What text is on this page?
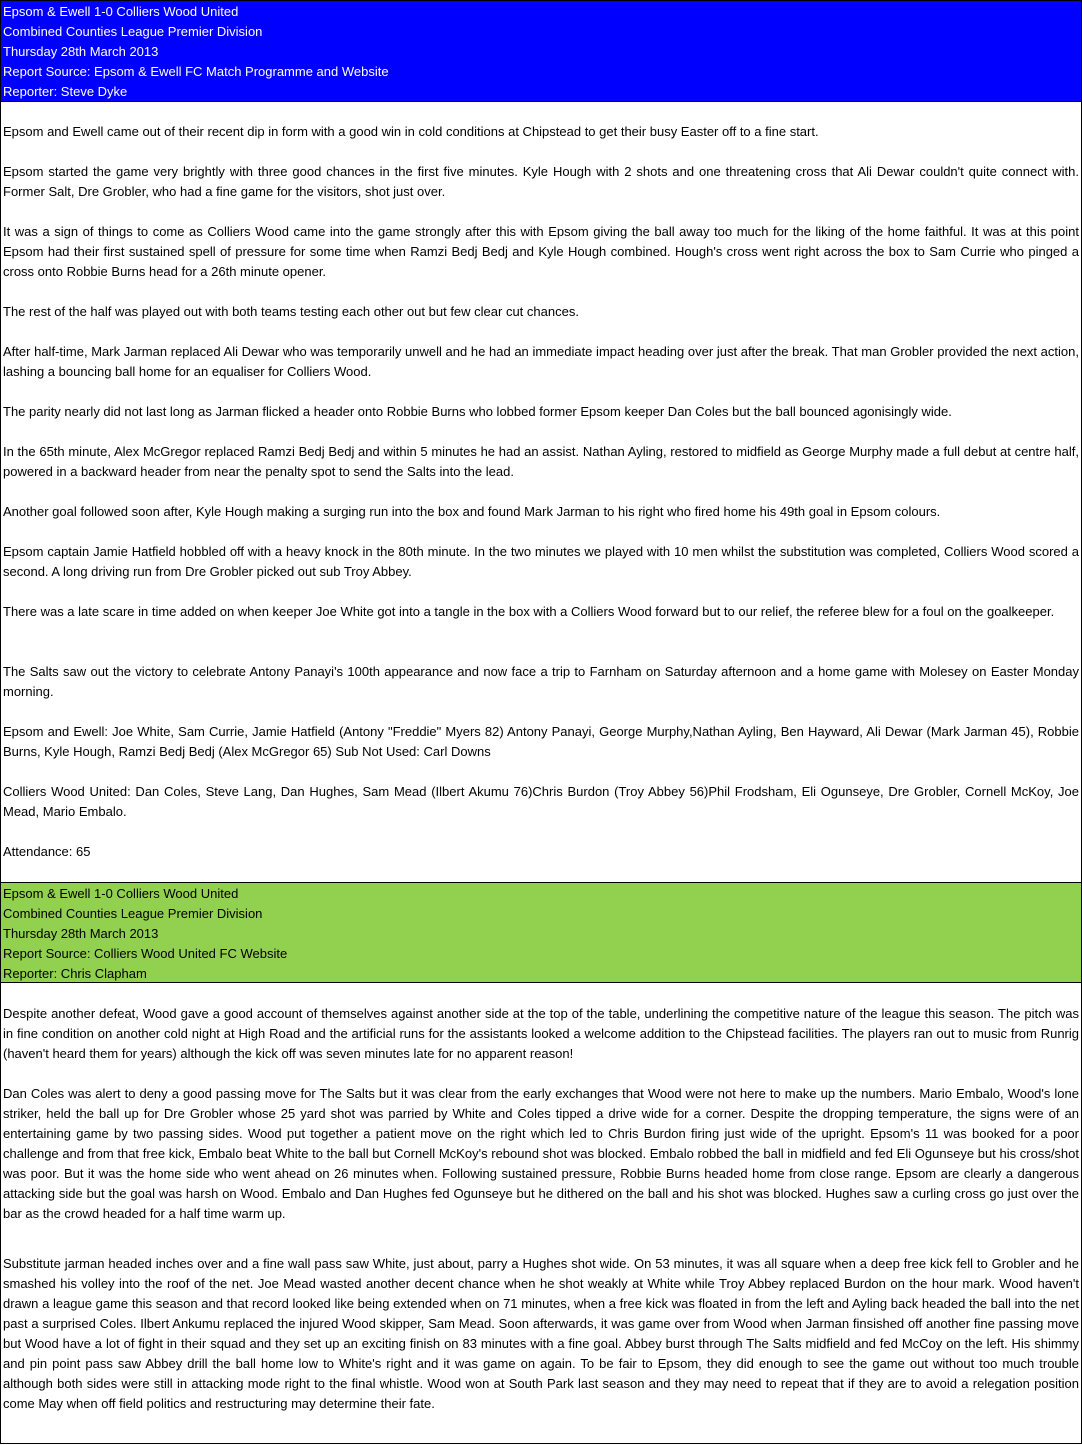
Epsom & Ewell 1-0 Colliers Wood United
Combined Counties League Premier Division
Thursday 28th March 2013
Report Source: Epsom & Ewell FC Match Programme and Website
Reporter: Steve Dyke

Epsom and Ewell came out of their recent dip in form with a good win in cold conditions at Chipstead to get their busy Easter off to a fine start.

Epsom started the game very brightly with three good chances in the first five minutes. Kyle Hough with 2 shots and one threatening cross that Ali Dewar couldn't quite connect with. Former Salt, Dre Grobler, who had a fine game for the visitors, shot just over.

It was a sign of things to come as Colliers Wood came into the game strongly after this with Epsom giving the ball away too much for the liking of the home faithful. It was at this point Epsom had their first sustained spell of pressure for some time when Ramzi Bedj Bedj and Kyle Hough combined. Hough's cross went right across the box to Sam Currie who pinged a cross onto Robbie Burns head for a 26th minute opener.

The rest of the half was played out with both teams testing each other out but few clear cut chances.

After half-time, Mark Jarman replaced Ali Dewar who was temporarily unwell and he had an immediate impact heading over just after the break. That man Grobler provided the next action, lashing a bouncing ball home for an equaliser for Colliers Wood.

The parity nearly did not last long as Jarman flicked a header onto Robbie Burns who lobbed former Epsom keeper Dan Coles but the ball bounced agonisingly wide.

In the 65th minute, Alex McGregor replaced Ramzi Bedj Bedj and within 5 minutes he had an assist. Nathan Ayling, restored to midfield as George Murphy made a full debut at centre half, powered in a backward header from near the penalty spot to send the Salts into the lead.

Another goal followed soon after, Kyle Hough making a surging run into the box and found Mark Jarman to his right who fired home his 49th goal in Epsom colours.

Epsom captain Jamie Hatfield hobbled off with a heavy knock in the 80th minute. In the two minutes we played with 10 men whilst the substitution was completed, Colliers Wood scored a second. A long driving run from Dre Grobler picked out sub Troy Abbey.

There was a late scare in time added on when keeper Joe White got into a tangle in the box with a Colliers Wood forward but to our relief, the referee blew for a foul on the goalkeeper.

The Salts saw out the victory to celebrate Antony Panayi's 100th appearance and now face a trip to Farnham on Saturday afternoon and a home game with Molesey on Easter Monday morning.

Epsom and Ewell: Joe White, Sam Currie, Jamie Hatfield (Antony "Freddie" Myers 82) Antony Panayi, George Murphy,Nathan Ayling, Ben Hayward, Ali Dewar (Mark Jarman 45), Robbie Burns, Kyle Hough, Ramzi Bedj Bedj (Alex McGregor 65) Sub Not Used: Carl Downs

Colliers Wood United: Dan Coles, Steve Lang, Dan Hughes, Sam Mead (Ilbert Akumu 76)Chris Burdon (Troy Abbey 56)Phil Frodsham, Eli Ogunseye, Dre Grobler, Cornell McKoy, Joe Mead, Mario Embalo.

Attendance: 65

Epsom & Ewell 1-0 Colliers Wood United
Combined Counties League Premier Division
Thursday 28th March 2013
Report Source: Colliers Wood United FC Website
Reporter: Chris Clapham

Despite another defeat, Wood gave a good account of themselves against another side at the top of the table, underlining the competitive nature of the league this season. The pitch was in fine condition on another cold night at High Road and the artificial runs for the assistants looked a welcome addition to the Chipstead facilities. The players ran out to music from Runrig (haven't heard them for years) although the kick off was seven minutes late for no apparent reason!

Dan Coles was alert to deny a good passing move for The Salts but it was clear from the early exchanges that Wood were not here to make up the numbers. Mario Embalo, Wood's lone striker, held the ball up for Dre Grobler whose 25 yard shot was parried by White and Coles tipped a drive wide for a corner. Despite the dropping temperature, the signs were of an entertaining game by two passing sides. Wood put together a patient move on the right which led to Chris Burdon firing just wide of the upright. Epsom's 11 was booked for a poor challenge and from that free kick, Embalo beat White to the ball but Cornell McKoy's rebound shot was blocked. Embalo robbed the ball in midfield and fed Eli Ogunseye but his cross/shot was poor. But it was the home side who went ahead on 26 minutes when. Following sustained pressure, Robbie Burns headed home from close range. Epsom are clearly a dangerous attacking side but the goal was harsh on Wood. Embalo and Dan Hughes fed Ogunseye but he dithered on the ball and his shot was blocked. Hughes saw a curling cross go just over the bar as the crowd headed for a half time warm up.

Substitute jarman headed inches over and a fine wall pass saw White, just about, parry a Hughes shot wide. On 53 minutes, it was all square when a deep free kick fell to Grobler and he smashed his volley into the roof of the net. Joe Mead wasted another decent chance when he shot weakly at White while Troy Abbey replaced Burdon on the hour mark. Wood haven't drawn a league game this season and that record looked like being extended when on 71 minutes, when a free kick was floated in from the left and Ayling back headed the ball into the net past a surprised Coles. Ilbert Ankumu replaced the injured Wood skipper, Sam Mead. Soon afterwards, it was game over from Wood when Jarman finsished off another fine passing move but Wood have a lot of fight in their squad and they set up an exciting finish on 83 minutes with a fine goal. Abbey burst through The Salts midfield and fed McCoy on the left. His shimmy and pin point pass saw Abbey drill the ball home low to White's right and it was game on again. To be fair to Epsom, they did enough to see the game out without too much trouble although both sides were still in attacking mode right to the final whistle. Wood won at South Park last season and they may need to repeat that if they are to avoid a relegation position come May when off field politics and restructuring may determine their fate.
